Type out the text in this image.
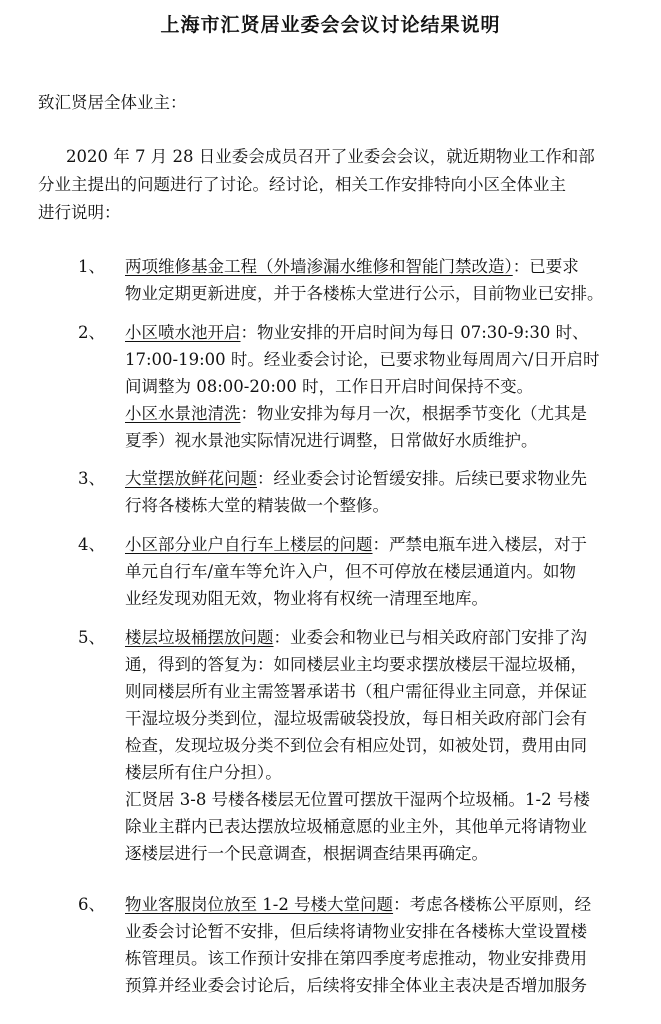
上海市汇贤居业委会会议讨论结果说明
致汇贤居全体业主：
2020 年 7 月 28 日业委会成员召开了业委会会议，就近期物业工作和部
分业主提出的问题进行了讨论。经讨论，相关工作安排特向小区全体业主
进行说明：
1、 两项维修基金工程（外墙渗漏水维修和智能门禁改造）：已要求
物业定期更新进度，并于各楼栋大堂进行公示，目前物业已安排。
2、 小区喷水池开启：物业安排的开启时间为每日 07:30-9:30 时、
17:00-19:00 时。经业委会讨论，已要求物业每周周六/日开启时
间调整为 08:00-20:00 时，工作日开启时间保持不变。
小区水景池清洗：物业安排为每月一次，根据季节变化（尤其是
夏季）视水景池实际情况进行调整，日常做好水质维护。
3、 大堂摆放鲜花问题：经业委会讨论暂缓安排。后续已要求物业先
行将各楼栋大堂的精装做一个整修。
4、 小区部分业户自行车上楼层的问题：严禁电瓶车进入楼层，对于
单元自行车/童车等允许入户，但不可停放在楼层通道内。如物
业经发现劝阻无效，物业将有权统一清理至地库。
5、 楼层垃圾桶摆放问题：业委会和物业已与相关政府部门安排了沟
通，得到的答复为：如同楼层业主均要求摆放楼层干湿垃圾桶，
则同楼层所有业主需签署承诺书（租户需征得业主同意，并保证
干湿垃圾分类到位，湿垃圾需破袋投放，每日相关政府部门会有
检查，发现垃圾分类不到位会有相应处罚，如被处罚，费用由同
楼层所有住户分担）。
汇贤居 3-8 号楼各楼层无位置可摆放干湿两个垃圾桶。1-2 号楼
除业主群内已表达摆放垃圾桶意愿的业主外，其他单元将请物业
逐楼层进行一个民意调查，根据调查结果再确定。
6、 物业客服岗位放至 1-2 号楼大堂问题：考虑各楼栋公平原则，经
业委会讨论暂不安排，但后续将请物业安排在各楼栋大堂设置楼
栋管理员。该工作预计安排在第四季度考虑推动，物业安排费用
预算并经业委会讨论后，后续将安排全体业主表决是否增加服务
